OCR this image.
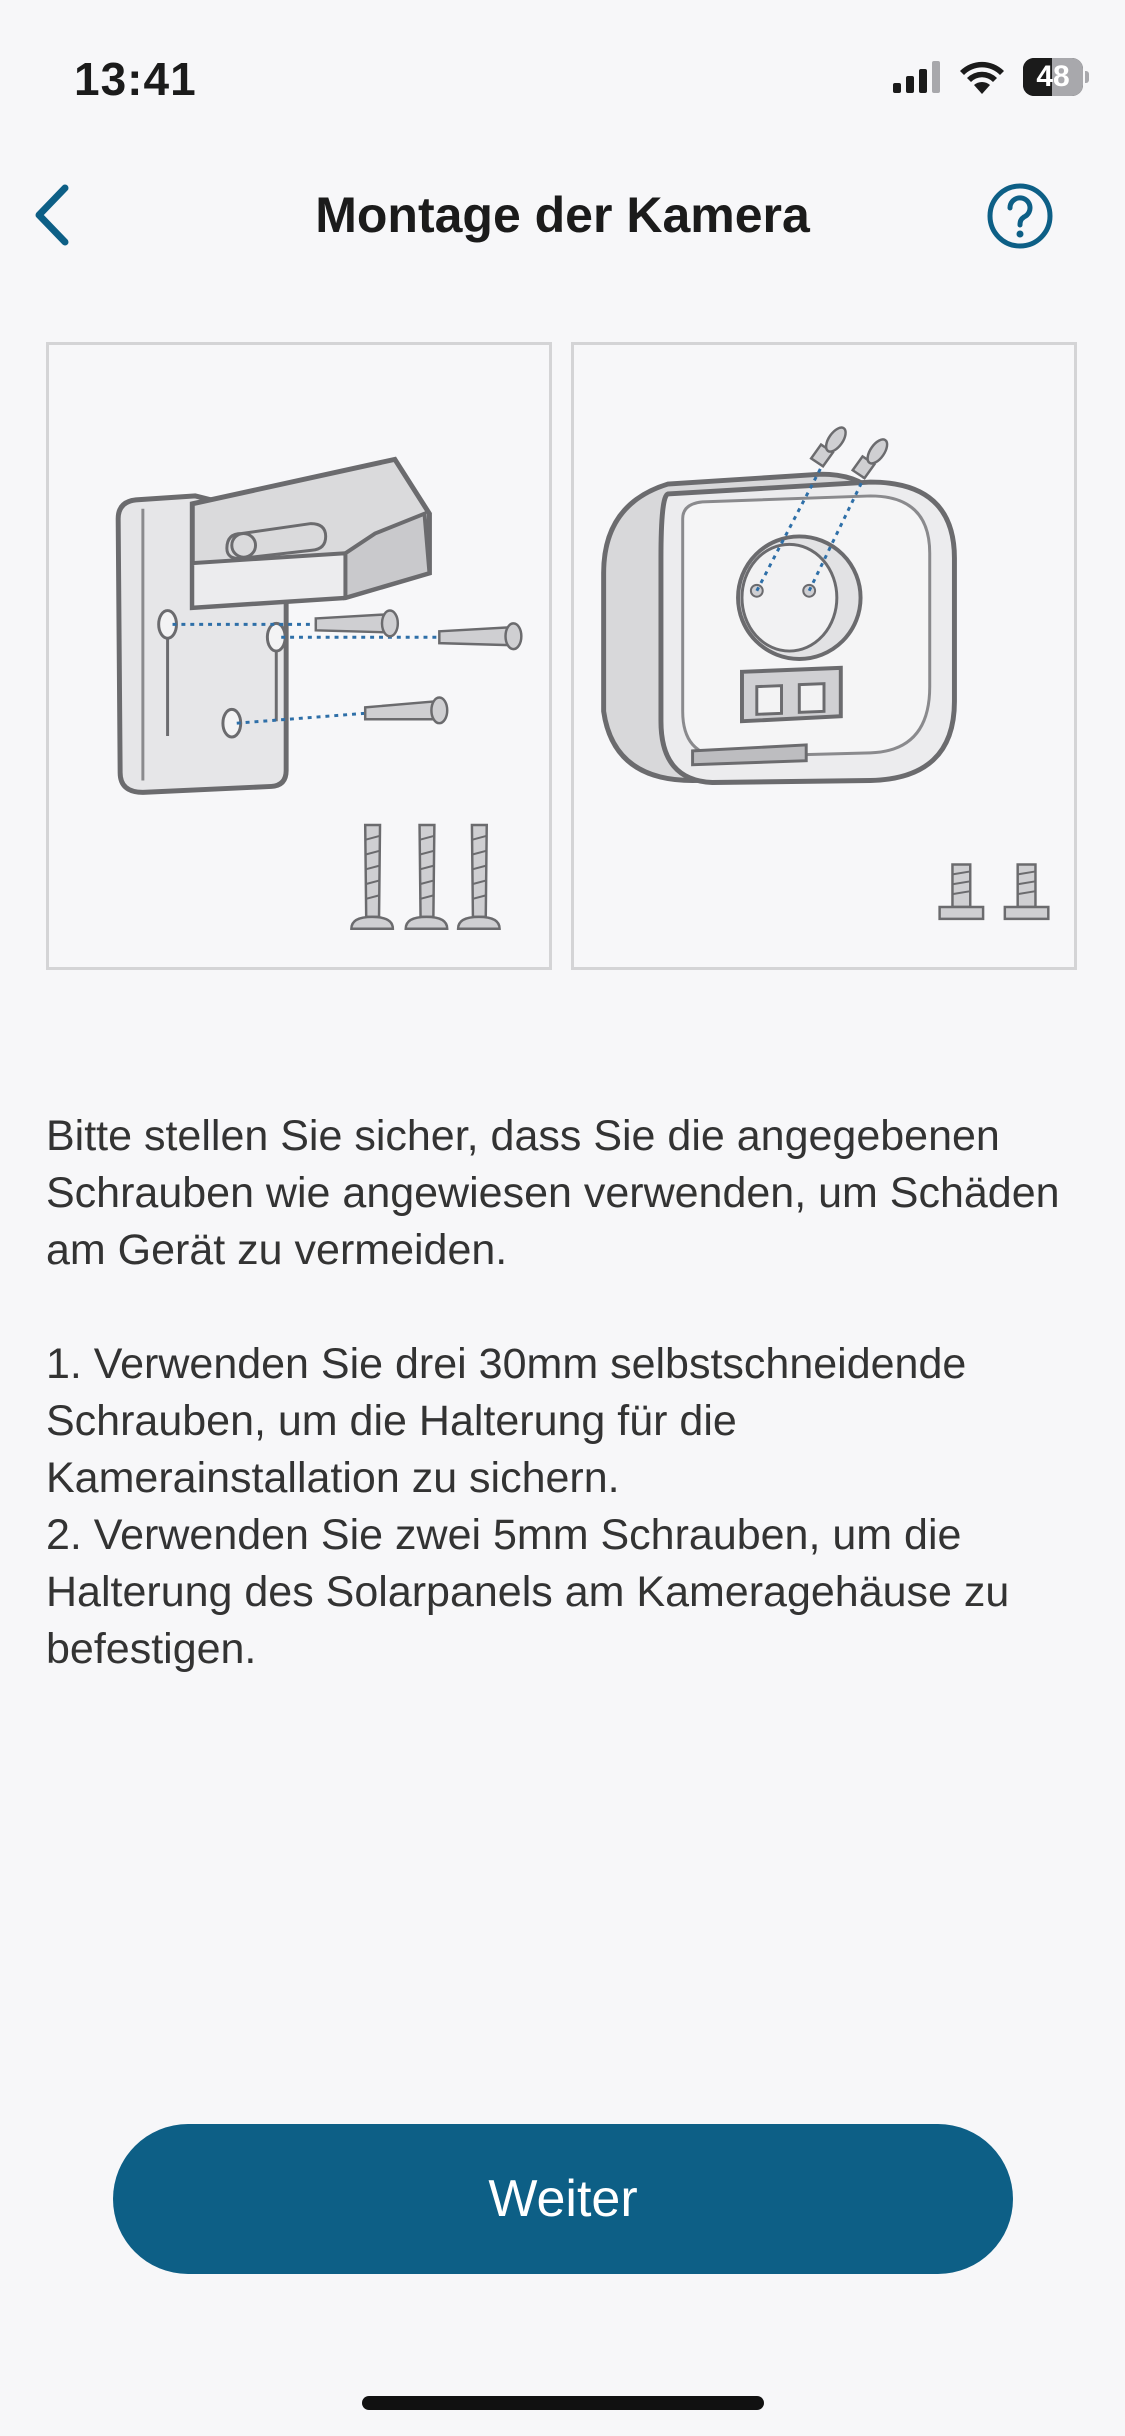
13:41	48
Montage der Kamera

Bitte stellen Sie sicher, dass Sie die angegebenen Schrauben wie angewiesen verwenden, um Schäden am Gerät zu vermeiden.

1. Verwenden Sie drei 30mm selbstschneidende Schrauben, um die Halterung für die Kamerainstallation zu sichern.

2. Verwenden Sie zwei 5mm Schrauben, um die Halterung des Solarpanels am Kameragehäuse zu befestigen.

Weiter
